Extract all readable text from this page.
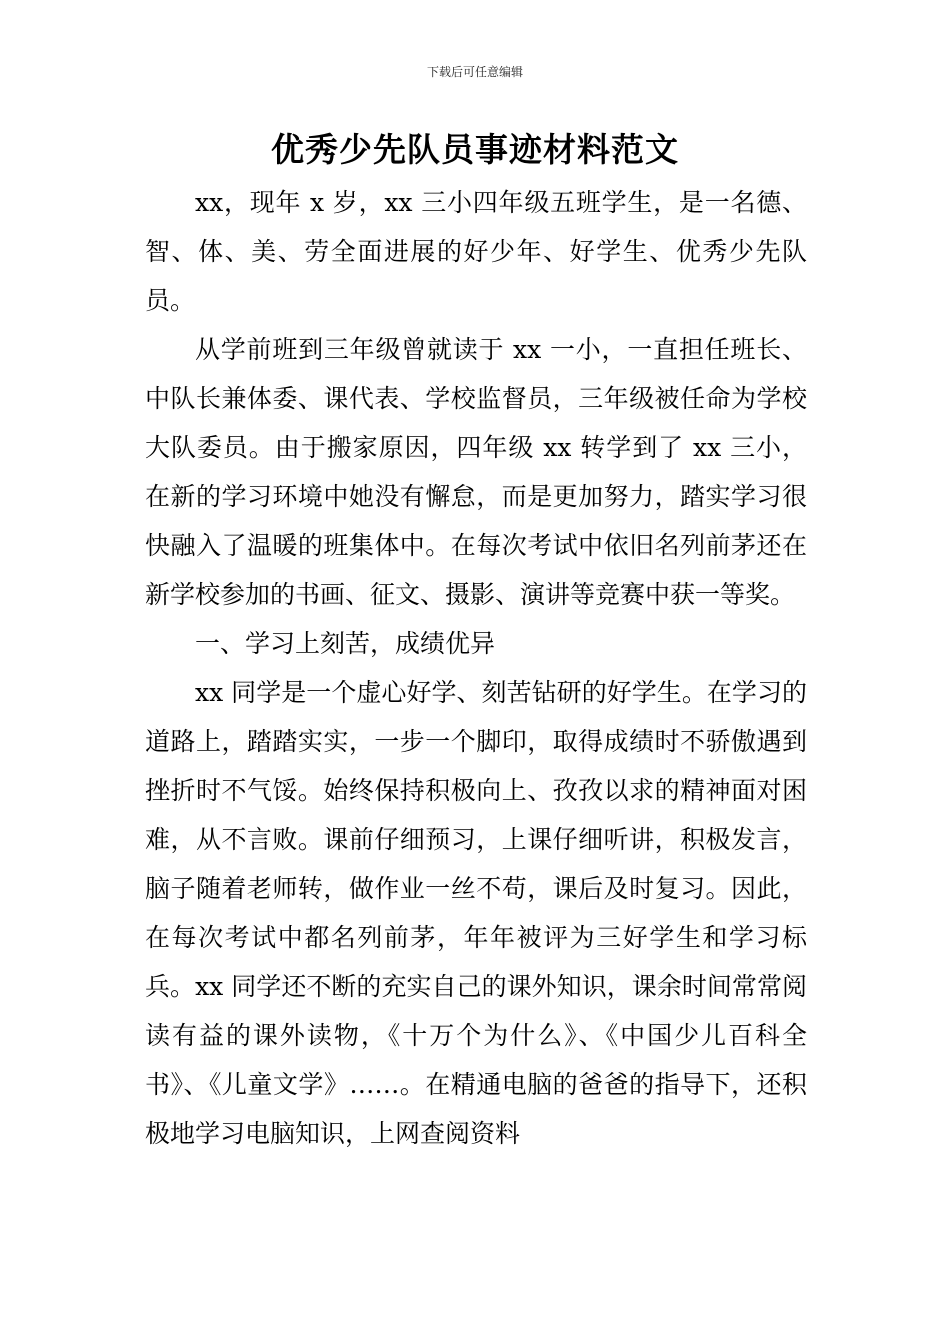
下载后可任意编辑
优秀少先队员事迹材料范文

xx，现年 x 岁，xx 三小四年级五班学生，是一名德、智、体、美、劳全面进展的好少年、好学生、优秀少先队员。

从学前班到三年级曾就读于 xx 一小，一直担任班长、中队长兼体委、课代表、学校监督员，三年级被任命为学校大队委员。由于搬家原因，四年级 xx 转学到了 xx 三小，在新的学习环境中她没有懈怠，而是更加努力，踏实学习很快融入了温暖的班集体中。在每次考试中依旧名列前茅还在新学校参加的书画、征文、摄影、演讲等竞赛中获一等奖。

一、学习上刻苦，成绩优异

xx 同学是一个虚心好学、刻苦钻研的好学生。在学习的道路上，踏踏实实，一步一个脚印，取得成绩时不骄傲遇到挫折时不气馁。始终保持积极向上、孜孜以求的精神面对困难，从不言败。课前仔细预习，上课仔细听讲，积极发言，脑子随着老师转，做作业一丝不苟，课后及时复习。因此，在每次考试中都名列前茅，年年被评为三好学生和学习标兵。xx 同学还不断的充实自己的课外知识，课余时间常常阅读有益的课外读物，《十万个为什么》、《中国少儿百科全书》、《儿童文学》……。在精通电脑的爸爸的指导下，还积极地学习电脑知识，上网查阅资料
